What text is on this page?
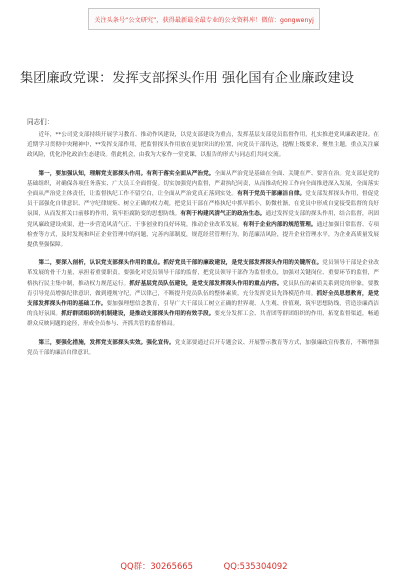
关注头条号“公文研究”，获得最新最全最专业的公文资料库！微信：gongwenyj
集团廉政党课：发挥支部探头作用 强化国有企业廉政建设
同志们：

近年，**公司党支部持续开展学习教育、推动作风建设，以党支部建设为重点，发挥基层支部党员监督作用，扎实推进党风廉政建设。在近期学习贯彻中央精神中，**发挥支部作用，把监督探头作用放在更加突出的位置，向党员干部传达，提醒上级要求，聚焦主题，重点关注廉政风险，优化净化政治生态建设。借此机会，由我为大家作一堂党课，以报告的形式与同志们共同交流。

第一，要加强认知，理解党支部探头作用。有利于落实全面从严治党。全面从严治党是基础在全面、关键在严、要害在治。党支部是党的基础组织，对确保各项任务落实、广大员工全面督促。切实加强党内监督，严肃执纪问责，从而推动纪检工作向全面推进深入发展，全面落实全面从严治党主体责任，让监督执纪工作不留空白，让全面从严治党真正落到实处。有利于党员干部廉洁自律。党支部发挥探头作用，督促党员干部强化自律意识、严守纪律规矩、树立正确的权力观，把党员干部在严格执纪中抓早抓小，防微杜渐，在党员中形成自觉接受监督的良好氛围，从而发挥关口前移的作用，筑牢拒腐防变的思想防线。有利于构建风清气正的政治生态。通过发挥党支部的探头作用，结合监督，巩固党风廉政建设成果，进一步营造风清气正、干事创业的良好环境，推动企业改革发展。有利于企业内部的规范管理。通过加强日常监督、专项检查等方式，及时发现和纠正企业管理中的问题，完善内部制度，规范经营管理行为，防范廉洁风险，提升企业管理水平，为企业高质量发展提供坚强保障。

第二，要深入剖析，认识党支部探头作用的重点。抓好党员干部的廉政建设，是党支部发挥探头作用的关键所在。党员领导干部是企业改革发展的骨干力量，承担着重要职责。要强化对党员领导干部的监督，把党员领导干部作为监督重点，加强对关键岗位、重要环节的监督，严格执行民主集中制，推动权力规范运行。抓好基层党员队伍建设，是党支部发挥探头作用的重点内容。党员队伍的素质关系到党的形象，要教育引导党员增强纪律意识，做到遵规守纪，严以律己，不断提升党员队伍的整体素质，充分发挥党员先锋模范作用。抓好全员思想教育，是党支部发挥探头作用的基础工作。要加强理想信念教育，引导广大干部员工树立正确的世界观、人生观、价值观，筑牢思想防线，营造崇廉尚洁的良好氛围。抓好群团组织的机制建设，是推动支部探头作用的有效手段。要充分发挥工会、共青团等群团组织的作用，拓宽监督渠道，畅通群众反映问题的途径，形成全员参与、齐抓共管的监督格局。

第三，要强化措施，发挥党支部探头实效。强化宣传。党支部要通过召开专题会议、开展警示教育等方式，加强廉政宣传教育，不断增强党员干部的廉洁自律意识。

QQ群：30265665	QQ:535304092
